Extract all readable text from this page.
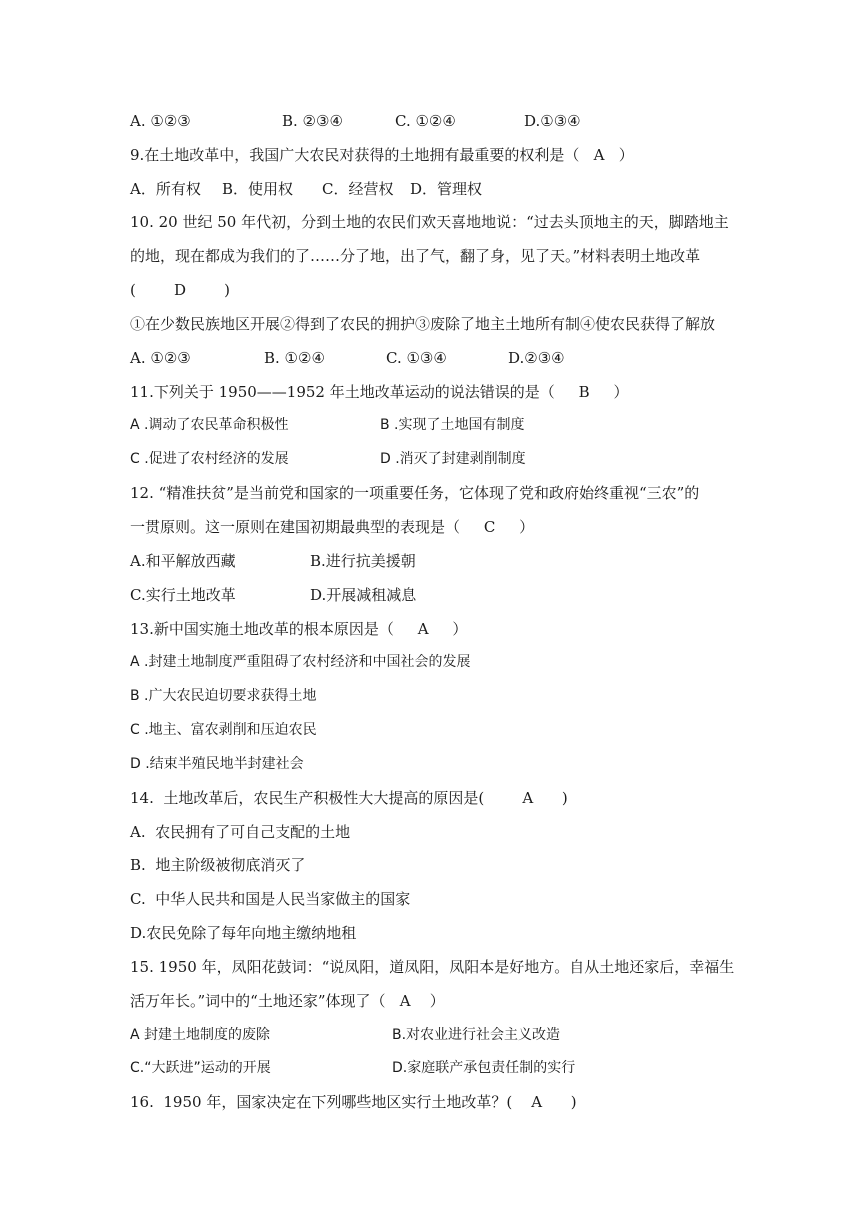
A. ①②③	B. ②③④	C. ①②④	D.①③④
9.在土地改革中，我国广大农民对获得的土地拥有最重要的权利是（   A   ）
A．所有权 B．使用权 C．经营权 D．管理权
10. 20 世纪 50 年代初，分到土地的农民们欢天喜地地说：“过去头顶地主的天，脚踏地主
的地，现在都成为我们的了……分了地，出了气，翻了身，见了天。”材料表明土地改革
(        D        )
①在少数民族地区开展②得到了农民的拥护③废除了地主土地所有制④使农民获得了解放
A. ①②③	B. ①②④	C. ①③④	D.②③④
11.下列关于 1950——1952 年土地改革运动的说法错误的是（     B     ）
A .调动了农民革命积极性	B .实现了土地国有制度
C .促进了农村经济的发展	D .消灭了封建剥削制度
12. “精准扶贫”是当前党和国家的一项重要任务，它体现了党和政府始终重视“三农”的
一贯原则。这一原则在建国初期最典型的表现是（     C     ）
A.和平解放西藏	B.进行抗美援朝
C.实行土地改革	D.开展减租减息
13.新中国实施土地改革的根本原因是（     A     ）
A .封建土地制度严重阻碍了农村经济和中国社会的发展
B .广大农民迫切要求获得土地
C .地主、富农剥削和压迫农民
D .结束半殖民地半封建社会
14.  土地改革后，农民生产积极性大大提高的原因是(        A      )
A.  农民拥有了可自己支配的土地
B.  地主阶级被彻底消灭了
C.  中华人民共和国是人民当家做主的国家
D.农民免除了每年向地主缴纳地租
15. 1950 年，凤阳花鼓词：“说凤阳，道凤阳，凤阳本是好地方。自从土地还家后，幸福生
活万年长。”词中的“土地还家”体现了（   A    ）
A 封建土地制度的废除	B.对农业进行社会主义改造
C.“大跃进”运动的开展	D.家庭联产承包责任制的实行
16.  1950 年，国家决定在下列哪些地区实行土地改革？(    A      )
